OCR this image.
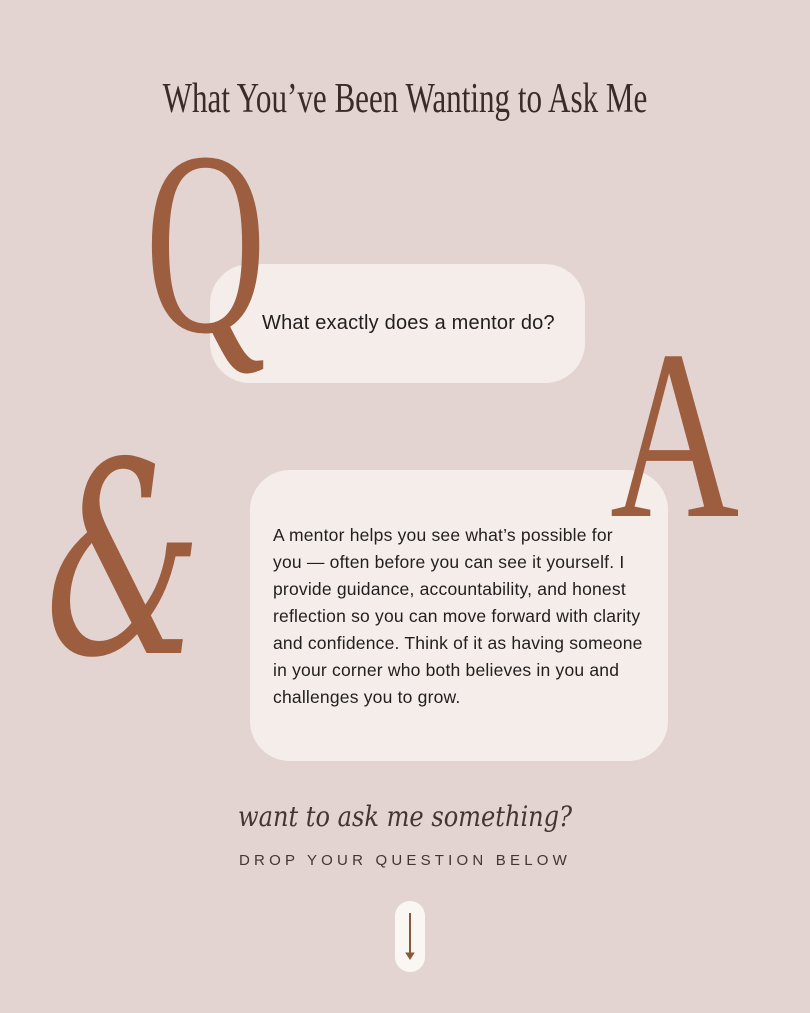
What You’ve Been Wanting to Ask Me
Q

What exactly does a mentor do?

& A

A mentor helps you see what’s possible for you — often before you can see it yourself. I provide guidance, accountability, and honest reflection so you can move forward with clarity and confidence. Think of it as having someone in your corner who both believes in you and challenges you to grow.

want to ask me something?
DROP YOUR QUESTION BELOW
